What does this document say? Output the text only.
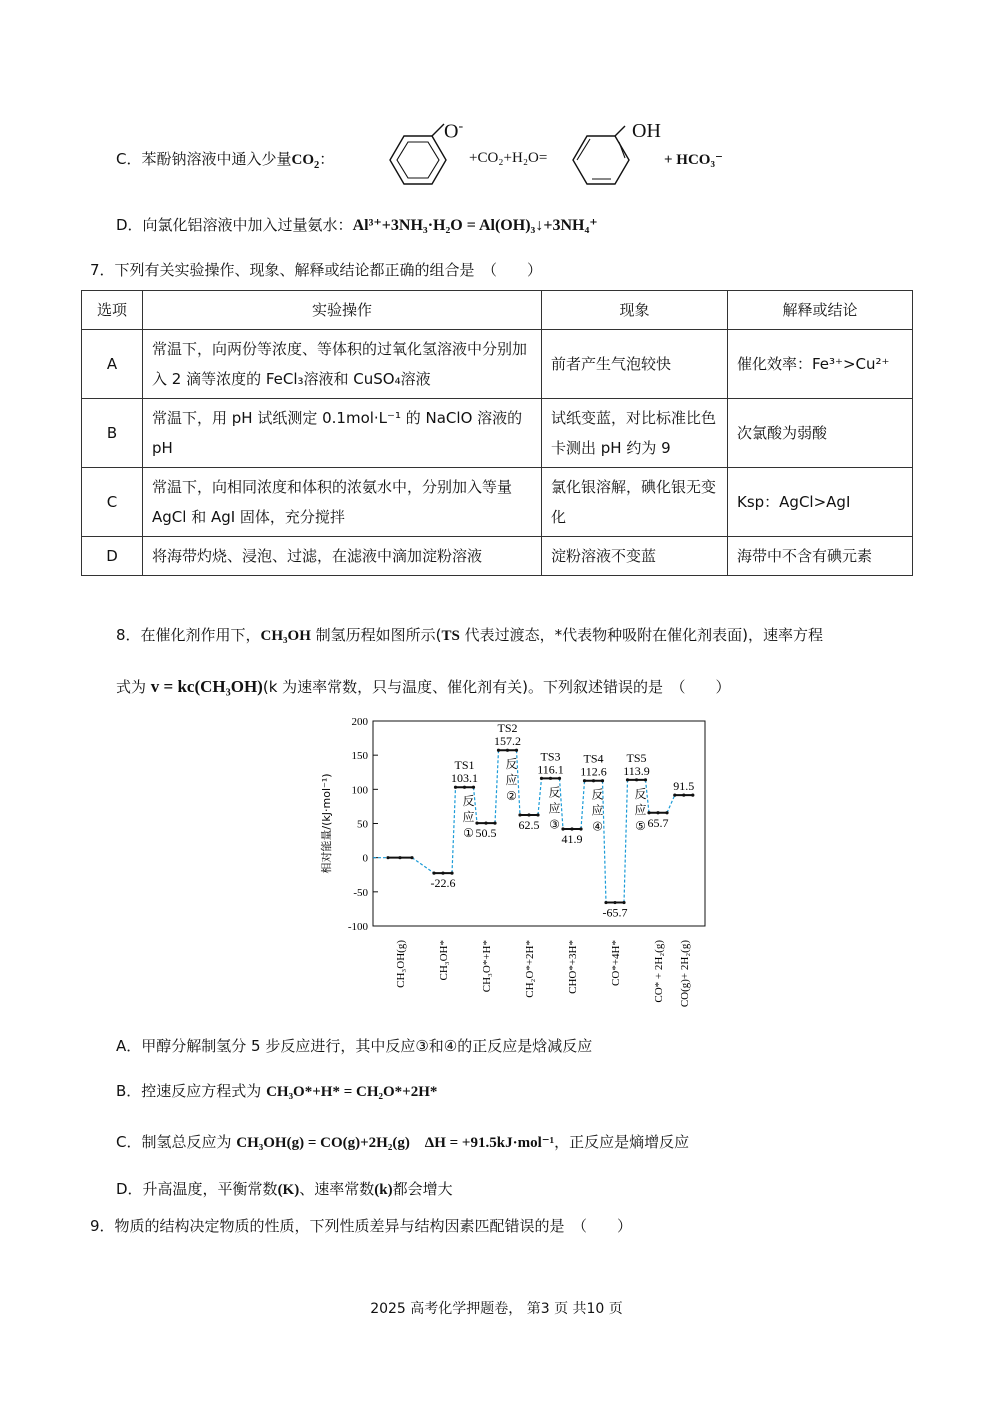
C．苯酚钠溶液中通入少量$CO_2$：
O-
+CO₂+H₂O=
OH
+ HCO₃⁻
D．向氯化铝溶液中加入过量氨水：Al³⁺+3NH₃·H₂O = Al(OH)₃↓+3NH₄⁺
7．下列有关实验操作、现象、解释或结论都正确的组合是　（　　）
选项	实验操作	现象	解释或结论
A	常温下，向两份等浓度、等体积的过氧化氢溶液中分别加入 2 滴等浓度的 FeCl₃溶液和 CuSO₄溶液	前者产生气泡较快	催化效率：Fe³⁺>Cu²⁺
B	常温下，用 pH 试纸测定 0.1mol·L⁻¹ 的 NaClO 溶液的 pH	试纸变蓝，对比标准比色卡测出 pH 约为 9	次氯酸为弱酸
C	常温下，向相同浓度和体积的浓氨水中，分别加入等量 AgCl 和 AgI 固体，充分搅拌	氯化银溶解，碘化银无变化	Ksp：AgCl>AgI
D	将海带灼烧、浸泡、过滤，在滤液中滴加淀粉溶液	淀粉溶液不变蓝	海带中不含有碘元素
8．在催化剂作用下，CH₃OH 制氢历程如图所示(TS 代表过渡态，*代表物种吸附在催化剂表面)，速率方程
式为 v = kc(CH₃OH)(k 为速率常数，只与温度、催化剂有关)。下列叙述错误的是　（　　）
-100
-50
0
50
100
150
200
相对能量/(kJ·mol⁻¹)
-22.6
103.1
TS1
50.5
157.2
TS2
62.5
116.1
TS3
41.9
112.6
TS4
-65.7
113.9
TS5
65.7
91.5
反
应
①
反
应
②	反
应
③
反
应
④
反
应
⑤
CH₃OH(g)	CH₃OH*	CH₃O*+H*	CH₂O*+2H*	CHO*+3H*	CO*+4H*	CO* + 2H₂(g) CO(g)+ 2H₂(g)
A．甲醇分解制氢分 5 步反应进行，其中反应③和④的正反应是焓减反应
B．控速反应方程式为 CH₃O*+H* = CH₂O*+2H*
C．制氢总反应为 CH₃OH(g) = CO(g)+2H₂(g)　ΔH = +91.5kJ·mol⁻¹，正反应是熵增反应
D．升高温度，平衡常数(K)、速率常数(k)都会增大
9．物质的结构决定物质的性质，下列性质差异与结构因素匹配错误的是　（　　）
2025 高考化学押题卷， 第3 页 共10 页
